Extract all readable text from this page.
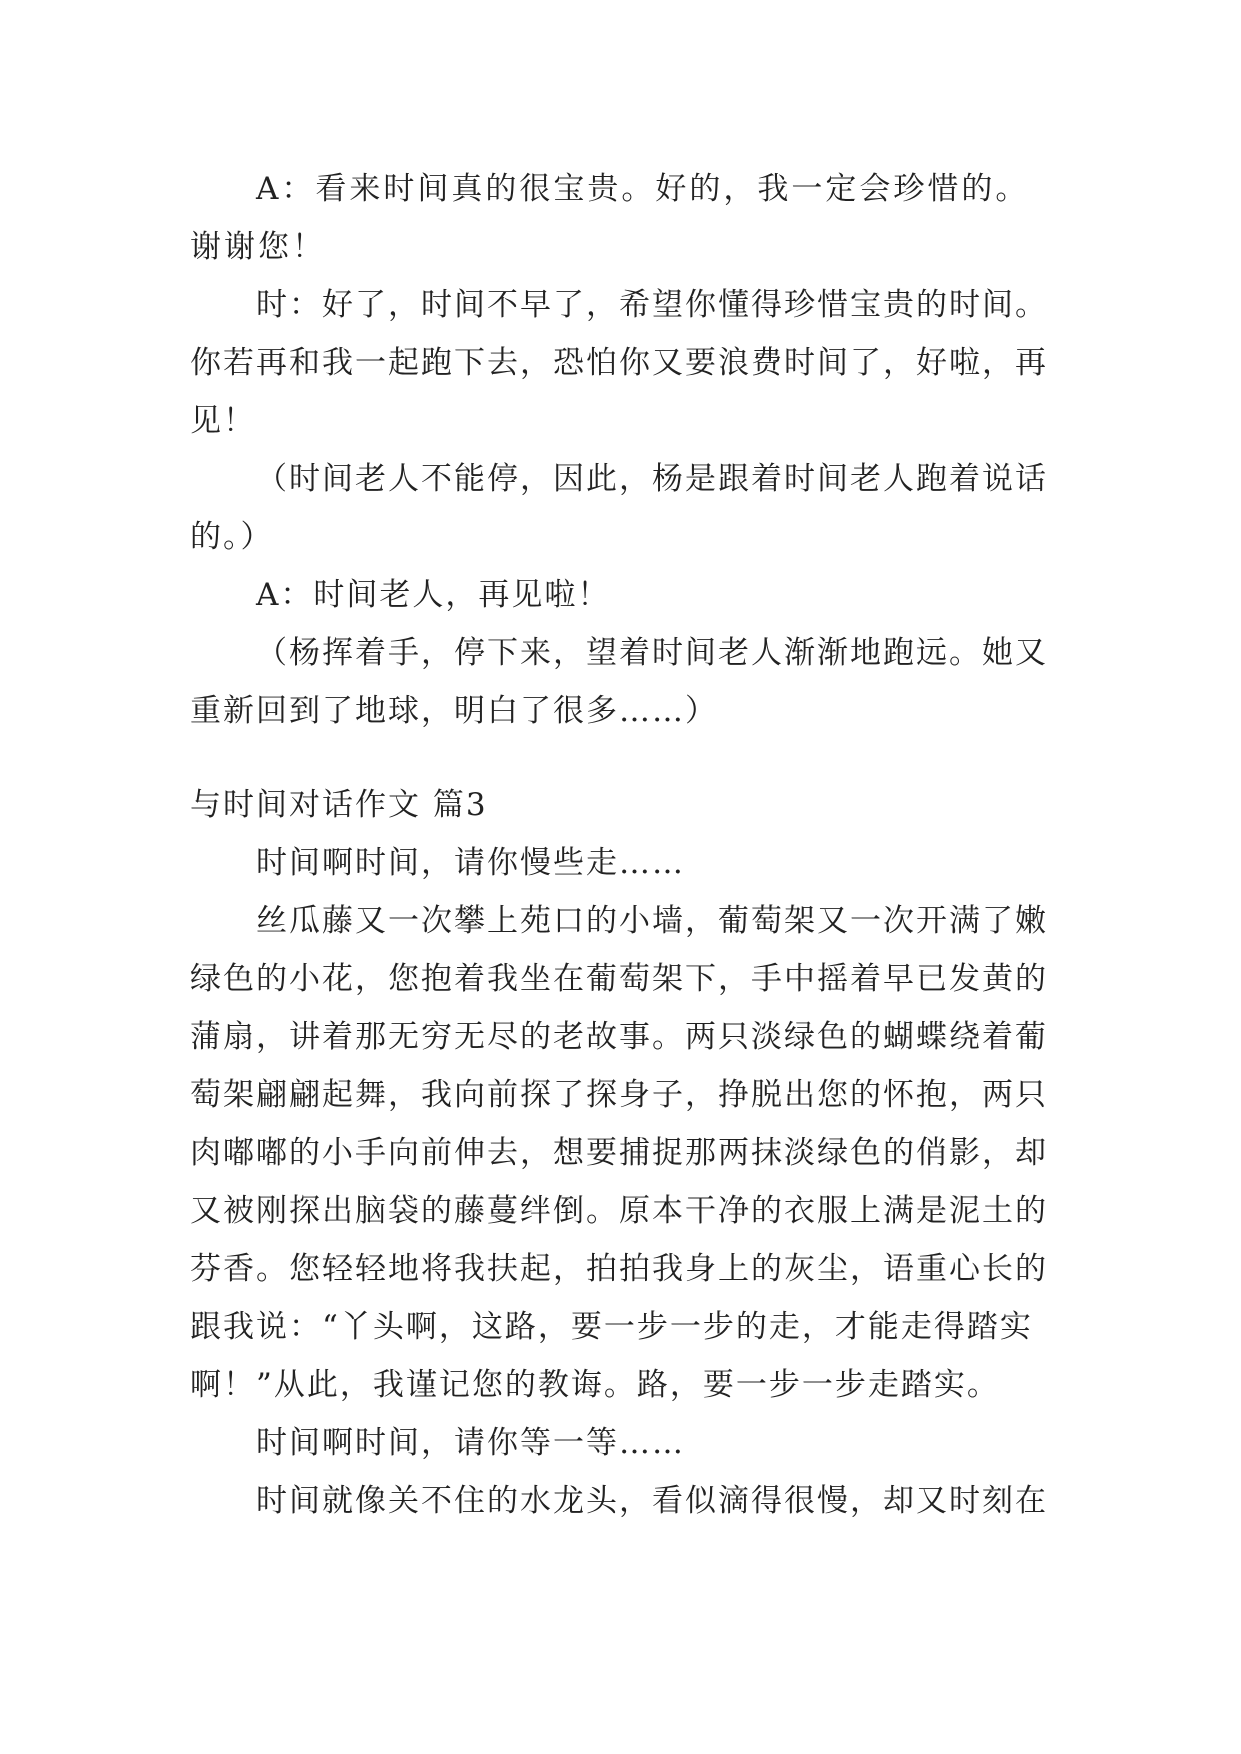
A：看来时间真的很宝贵。好的，我一定会珍惜的。谢谢您！

时：好了，时间不早了，希望你懂得珍惜宝贵的时间。你若再和我一起跑下去，恐怕你又要浪费时间了，好啦，再见！

（时间老人不能停，因此，杨是跟着时间老人跑着说话的。）

A：时间老人，再见啦！

（杨挥着手，停下来，望着时间老人渐渐地跑远。她又重新回到了地球，明白了很多……）

与时间对话作文 篇3

时间啊时间，请你慢些走……

丝瓜藤又一次攀上苑口的小墙，葡萄架又一次开满了嫩绿色的小花，您抱着我坐在葡萄架下，手中摇着早已发黄的蒲扇，讲着那无穷无尽的老故事。两只淡绿色的蝴蝶绕着葡萄架翩翩起舞，我向前探了探身子，挣脱出您的怀抱，两只肉嘟嘟的小手向前伸去，想要捕捉那两抹淡绿色的俏影，却又被刚探出脑袋的藤蔓绊倒。原本干净的衣服上满是泥土的芬香。您轻轻地将我扶起，拍拍我身上的灰尘，语重心长的跟我说：“丫头啊，这路，要一步一步的走，才能走得踏实啊！”从此，我谨记您的教诲。路，要一步一步走踏实。

时间啊时间，请你等一等……

时间就像关不住的水龙头，看似滴得很慢，却又时刻在
